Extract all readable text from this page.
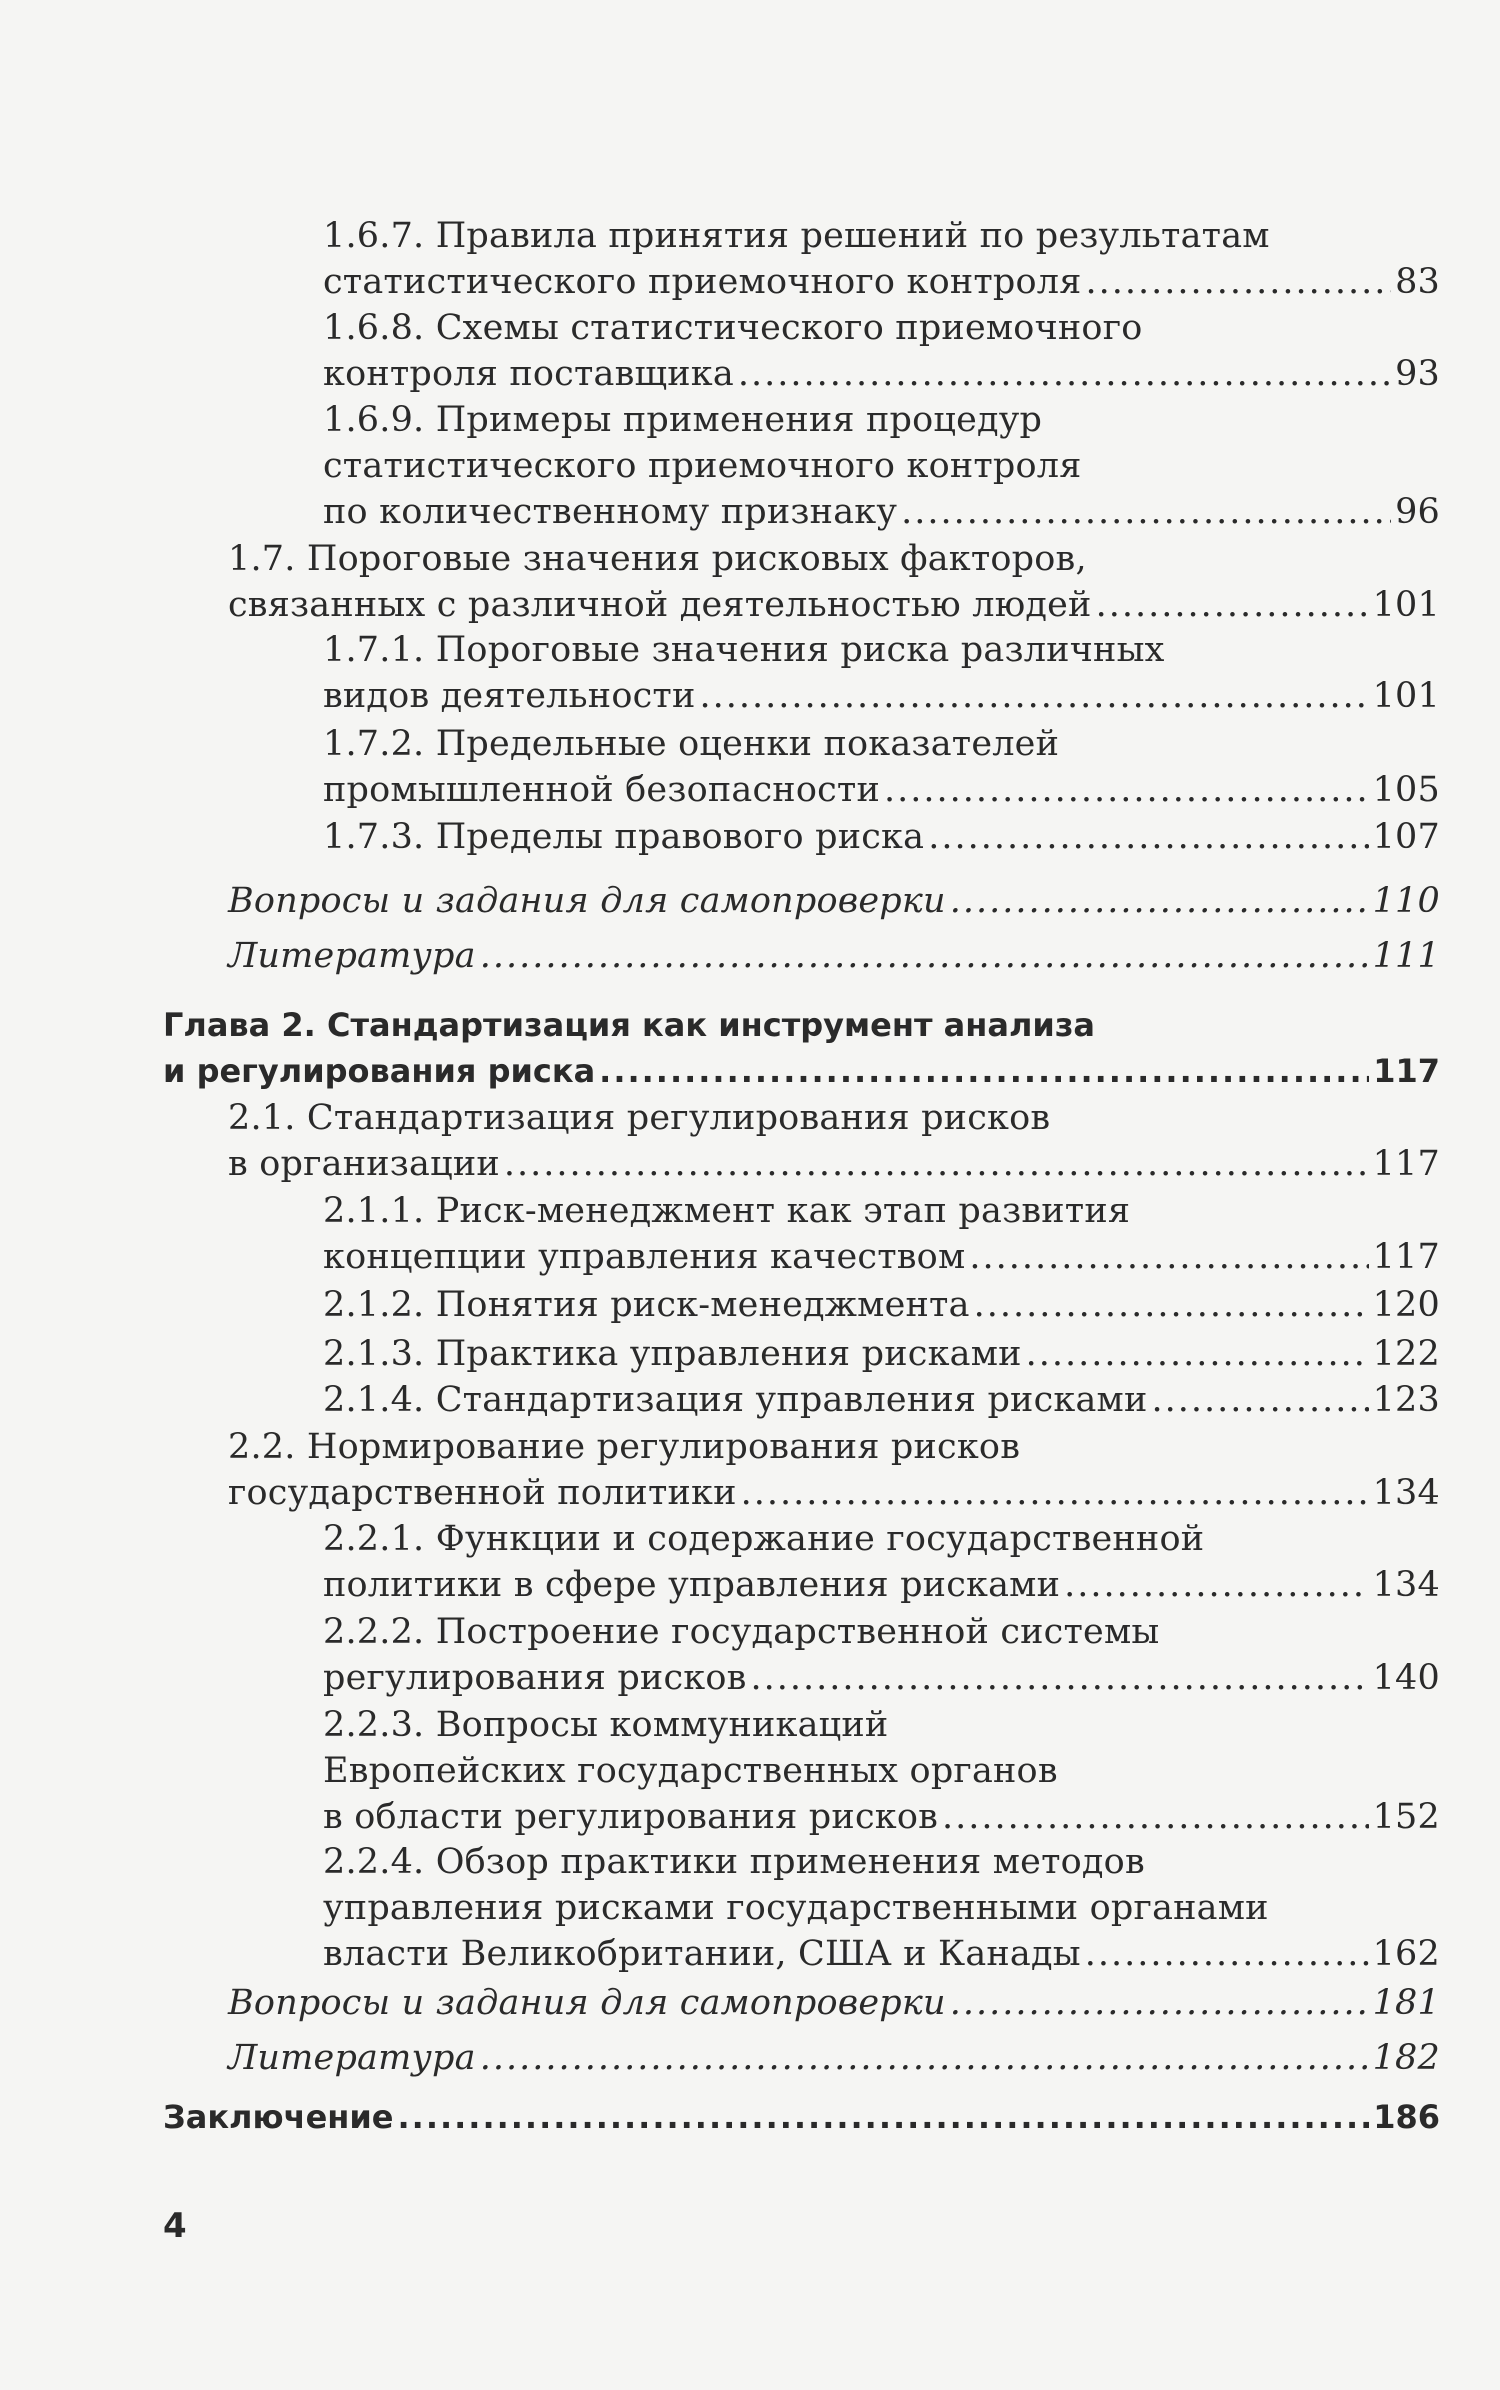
1.6.7. Правила принятия решений по результатам
статистического приемочного контроля .....	83
1.6.8. Схемы статистического приемочного
контроля поставщика .....	93
1.6.9. Примеры применения процедур
статистического приемочного контроля
по количественному признаку .....	96
1.7. Пороговые значения рисковых факторов,
связанных с различной деятельностью людей .....	101
1.7.1. Пороговые значения риска различных
видов деятельности .....	101
1.7.2. Предельные оценки показателей
промышленной безопасности .....	105
1.7.3. Пределы правового риска .....	107
Вопросы и задания для самопроверки .....	110
Литература .....	111
Глава 2. Стандартизация как инструмент анализа
и регулирования риска .....	117
2.1. Стандартизация регулирования рисков
в организации .....	117
2.1.1. Риск-менеджмент как этап развития
концепции управления качеством .....	117
2.1.2. Понятия риск-менеджмента .....	120
2.1.3. Практика управления рисками .....	122
2.1.4. Стандартизация управления рисками .....	123
2.2. Нормирование регулирования рисков
государственной политики .....	134
2.2.1. Функции и содержание государственной
политики в сфере управления рисками .....	134
2.2.2. Построение государственной системы
регулирования рисков .....	140
2.2.3. Вопросы коммуникаций
Европейских государственных органов
в области регулирования рисков .....	152
2.2.4. Обзор практики применения методов
управления рисками государственными органами
власти Великобритании, США и Канады .....	162
Вопросы и задания для самопроверки .....	181
Литература .....	182
Заключение .....	186
4
